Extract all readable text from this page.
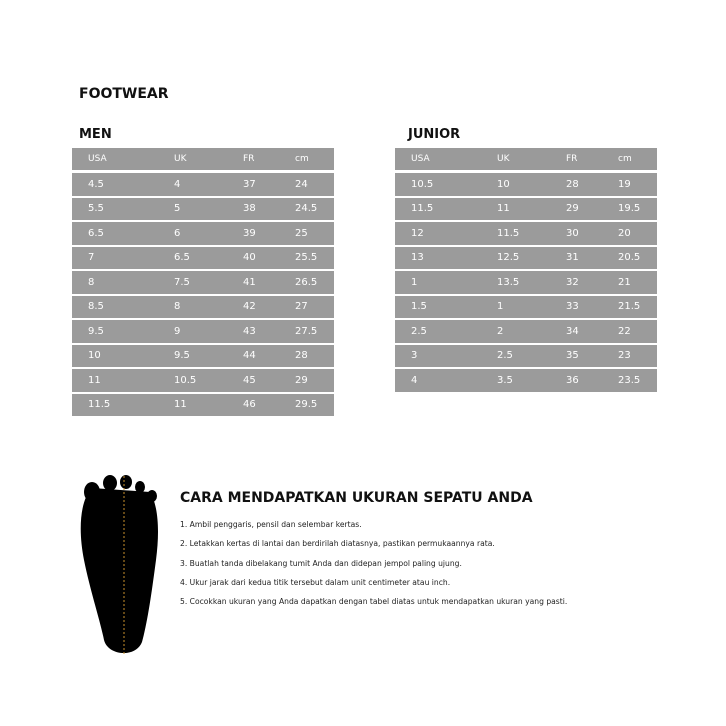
FOOTWEAR
MEN	JUNIOR
USA	UK	FR	cm
4.5	4	37	24
5.5	5	38	24.5
6.5	6	39	25
7	6.5	40	25.5
8	7.5	41	26.5
8.5	8	42	27
9.5	9	43	27.5
10	9.5	44	28
11	10.5	45	29
11.5	11	46	29.5
USA	UK	FR	cm
10.5	10	28	19
11.5	11	29	19.5
12	11.5	30	20
13	12.5	31	20.5
1	13.5	32	21
1.5	1	33	21.5
2.5	2	34	22
3	2.5	35	23
4	3.5	36	23.5
CARA MENDAPATKAN UKURAN SEPATU ANDA
1. Ambil penggaris, pensil dan selembar kertas.
2. Letakkan kertas di lantai dan berdirilah diatasnya, pastikan permukaannya rata.
3. Buatlah tanda dibelakang tumit Anda dan didepan jempol paling ujung.
4. Ukur jarak dari kedua titik tersebut dalam unit centimeter atau inch.
5. Cocokkan ukuran yang Anda dapatkan dengan tabel diatas untuk mendapatkan ukuran yang pasti.
